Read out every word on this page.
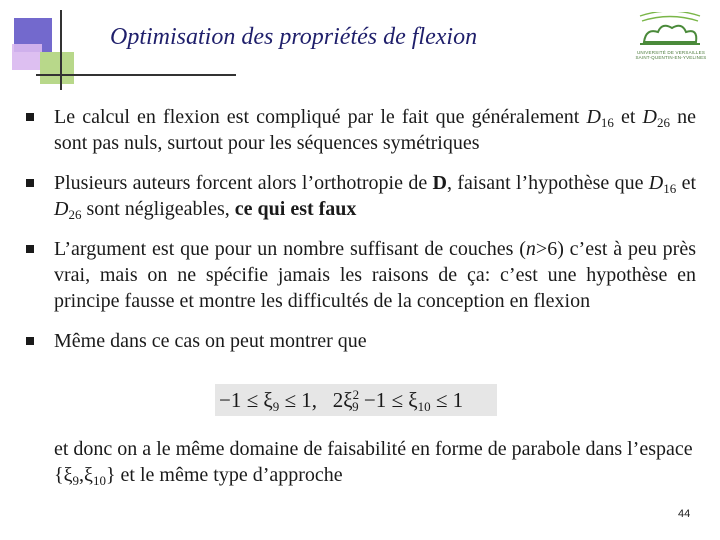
Optimisation des propriétés de flexion
UNIVERSITÉ DE VERSAILLES SAINT-QUENTIN-EN-YVELINES
Le calcul en flexion est compliqué par le fait que généralement $D_{16}$ et $D_{26}$ ne sont pas nuls, surtout pour les séquences symétriques
Plusieurs auteurs forcent alors l’orthotropie de D, faisant l’hypothèse que $D_{16}$ et $D_{26}$ sont négligeables, ce qui est faux
L’argument est que pour un nombre suffisant de couches (n>6) c’est à peu près vrai, mais on ne spécifie jamais les raisons de ça: c’est une hypothèse en principe fausse et montre les difficultés de la conception en flexion
Même dans ce cas on peut montrer que
$-1 \le \xi_9 \le 1$,   $2\xi^2_9 -1 \le \xi_{10} \le 1$
et donc on a le même domaine de faisabilité en forme de parabole dans l’espace $\{\xi_9,\xi_{10}\}$ et le même type d’approche
44
